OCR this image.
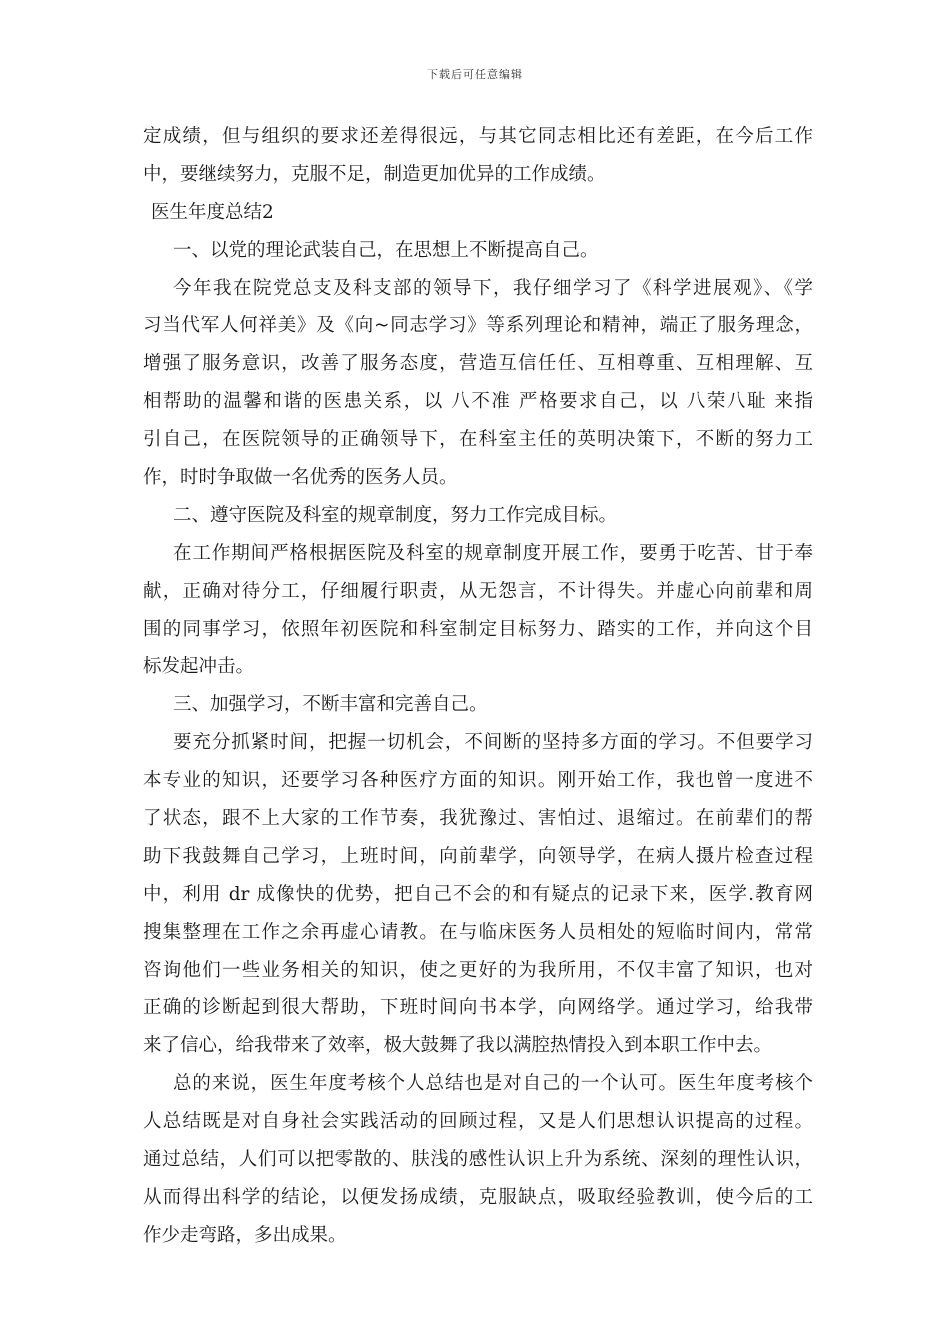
下载后可任意编辑
定成绩，但与组织的要求还差得很远，与其它同志相比还有差距，在今后工作
中，要继续努力，克服不足，制造更加优异的工作成绩。
医生年度总结2
一、以党的理论武装自己，在思想上不断提高自己。
今年我在院党总支及科支部的领导下，我仔细学习了《科学进展观》、《学
习当代军人何祥美》及《向~同志学习》等系列理论和精神，端正了服务理念，
增强了服务意识，改善了服务态度，营造互信任任、互相尊重、互相理解、互
相帮助的温馨和谐的医患关系，以 八不准 严格要求自己，以 八荣八耻 来指
引自己，在医院领导的正确领导下，在科室主任的英明决策下，不断的努力工
作，时时争取做一名优秀的医务人员。
二、遵守医院及科室的规章制度，努力工作完成目标。
在工作期间严格根据医院及科室的规章制度开展工作，要勇于吃苦、甘于奉
献，正确对待分工，仔细履行职责，从无怨言，不计得失。并虚心向前辈和周
围的同事学习，依照年初医院和科室制定目标努力、踏实的工作，并向这个目
标发起冲击。
三、加强学习，不断丰富和完善自己。
要充分抓紧时间，把握一切机会，不间断的坚持多方面的学习。不但要学习
本专业的知识，还要学习各种医疗方面的知识。刚开始工作，我也曾一度进不
了状态，跟不上大家的工作节奏，我犹豫过、害怕过、退缩过。在前辈们的帮
助下我鼓舞自己学习，上班时间，向前辈学，向领导学，在病人摄片检查过程
中，利用 dr 成像快的优势，把自己不会的和有疑点的记录下来，医学.教育网
搜集整理在工作之余再虚心请教。在与临床医务人员相处的短临时间内，常常
咨询他们一些业务相关的知识，使之更好的为我所用，不仅丰富了知识，也对
正确的诊断起到很大帮助，下班时间向书本学，向网络学。通过学习，给我带
来了信心，给我带来了效率，极大鼓舞了我以满腔热情投入到本职工作中去。
总的来说，医生年度考核个人总结也是对自己的一个认可。医生年度考核个
人总结既是对自身社会实践活动的回顾过程，又是人们思想认识提高的过程。
通过总结，人们可以把零散的、肤浅的感性认识上升为系统、深刻的理性认识，
从而得出科学的结论，以便发扬成绩，克服缺点，吸取经验教训，使今后的工
作少走弯路，多出成果。
